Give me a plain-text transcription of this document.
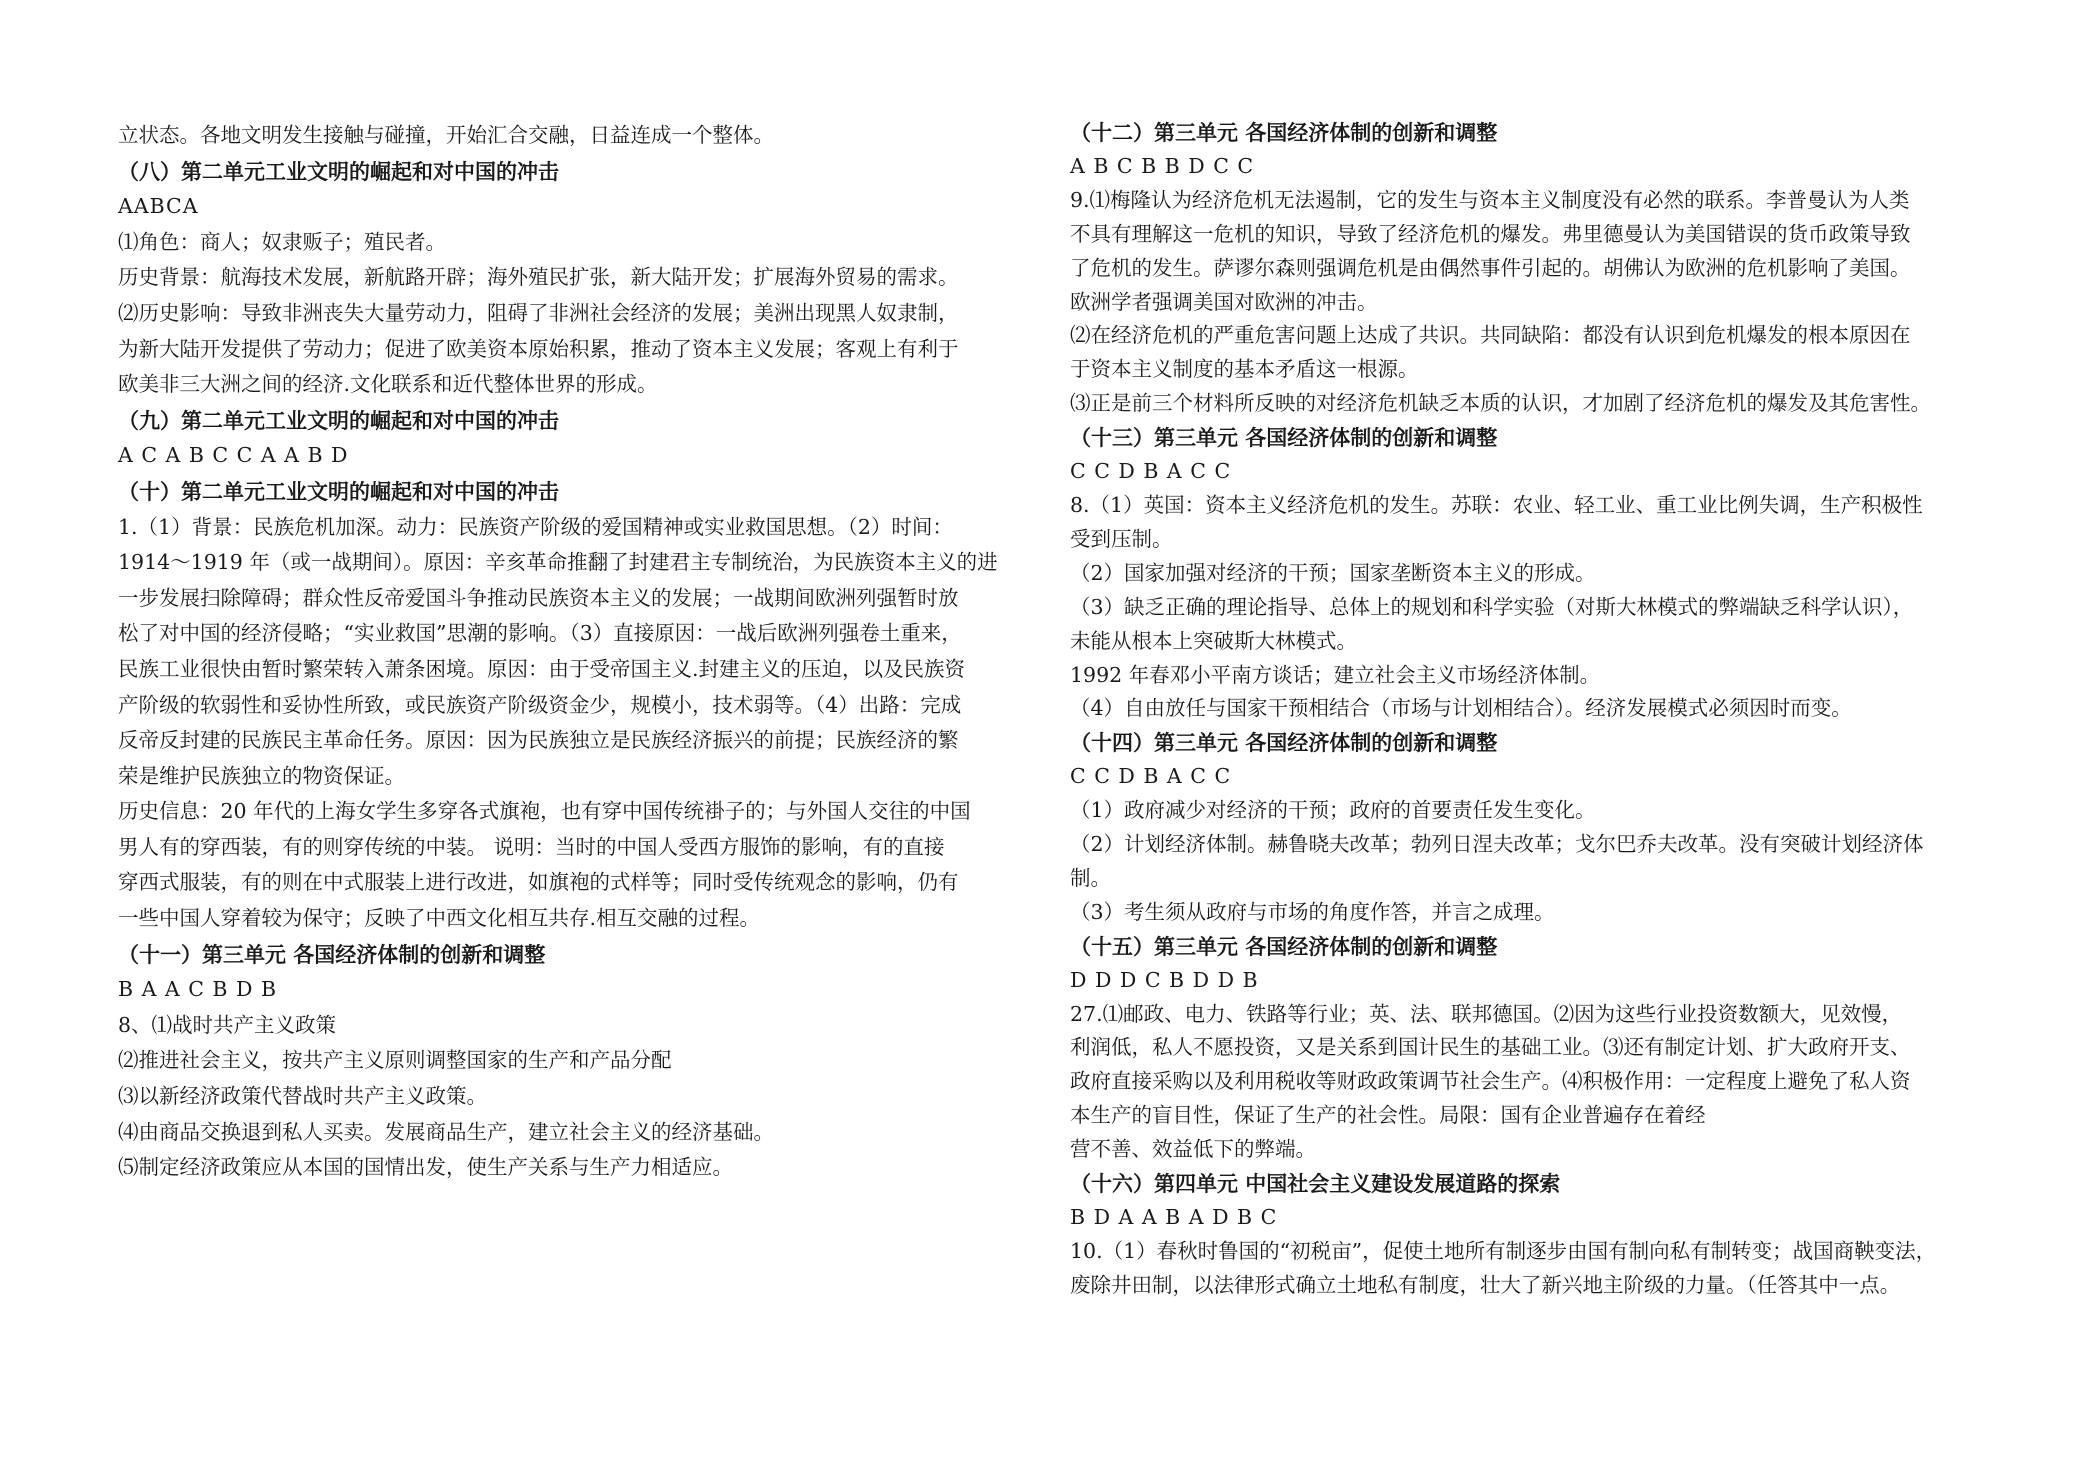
立状态。各地文明发生接触与碰撞，开始汇合交融，日益连成一个整体。
（八）第二单元工业文明的崛起和对中国的冲击
AABCA
⑴角色：商人；奴隶贩子；殖民者。
历史背景：航海技术发展，新航路开辟；海外殖民扩张，新大陆开发；扩展海外贸易的需求。
⑵历史影响：导致非洲丧失大量劳动力，阻碍了非洲社会经济的发展；美洲出现黑人奴隶制，
为新大陆开发提供了劳动力；促进了欧美资本原始积累，推动了资本主义发展；客观上有利于
欧美非三大洲之间的经济.文化联系和近代整体世界的形成。
（九）第二单元工业文明的崛起和对中国的冲击
A C A B C C A A B D
（十）第二单元工业文明的崛起和对中国的冲击
1.（1）背景：民族危机加深。动力：民族资产阶级的爱国精神或实业救国思想。（2）时间：
1914～1919 年（或一战期间）。原因：辛亥革命推翻了封建君主专制统治，为民族资本主义的进
一步发展扫除障碍；群众性反帝爱国斗争推动民族资本主义的发展；一战期间欧洲列强暂时放
松了对中国的经济侵略；“实业救国”思潮的影响。（3）直接原因：一战后欧洲列强卷土重来，
民族工业很快由暂时繁荣转入萧条困境。原因：由于受帝国主义.封建主义的压迫，以及民族资
产阶级的软弱性和妥协性所致，或民族资产阶级资金少，规模小，技术弱等。（4）出路：完成
反帝反封建的民族民主革命任务。原因：因为民族独立是民族经济振兴的前提；民族经济的繁
荣是维护民族独立的物资保证。
历史信息：20 年代的上海女学生多穿各式旗袍，也有穿中国传统褂子的；与外国人交往的中国
男人有的穿西装，有的则穿传统的中装。 说明：当时的中国人受西方服饰的影响，有的直接
穿西式服装，有的则在中式服装上进行改进，如旗袍的式样等；同时受传统观念的影响，仍有
一些中国人穿着较为保守；反映了中西文化相互共存.相互交融的过程。
（十一）第三单元 各国经济体制的创新和调整
B A A C B D B
8、⑴战时共产主义政策
⑵推进社会主义，按共产主义原则调整国家的生产和产品分配
⑶以新经济政策代替战时共产主义政策。
⑷由商品交换退到私人买卖。发展商品生产，建立社会主义的经济基础。
⑸制定经济政策应从本国的国情出发，使生产关系与生产力相适应。
（十二）第三单元 各国经济体制的创新和调整
A B C B B D C C
9.⑴梅隆认为经济危机无法遏制，它的发生与资本主义制度没有必然的联系。李普曼认为人类
不具有理解这一危机的知识，导致了经济危机的爆发。弗里德曼认为美国错误的货币政策导致
了危机的发生。萨谬尔森则强调危机是由偶然事件引起的。胡佛认为欧洲的危机影响了美国。
欧洲学者强调美国对欧洲的冲击。
⑵在经济危机的严重危害问题上达成了共识。共同缺陷：都没有认识到危机爆发的根本原因在
于资本主义制度的基本矛盾这一根源。
⑶正是前三个材料所反映的对经济危机缺乏本质的认识，才加剧了经济危机的爆发及其危害性。
（十三）第三单元 各国经济体制的创新和调整
C C D B A C C
8.（1）英国：资本主义经济危机的发生。苏联：农业、轻工业、重工业比例失调，生产积极性
受到压制。
（2）国家加强对经济的干预；国家垄断资本主义的形成。
（3）缺乏正确的理论指导、总体上的规划和科学实验（对斯大林模式的弊端缺乏科学认识），
未能从根本上突破斯大林模式。
1992 年春邓小平南方谈话；建立社会主义市场经济体制。
（4）自由放任与国家干预相结合（市场与计划相结合）。经济发展模式必须因时而变。
（十四）第三单元 各国经济体制的创新和调整
C C D B A C C
（1）政府减少对经济的干预；政府的首要责任发生变化。
（2）计划经济体制。赫鲁晓夫改革；勃列日涅夫改革；戈尔巴乔夫改革。没有突破计划经济体
制。
（3）考生须从政府与市场的角度作答，并言之成理。
（十五）第三单元 各国经济体制的创新和调整
D D D C B D D B
27.⑴邮政、电力、铁路等行业；英、法、联邦德国。⑵因为这些行业投资数额大，见效慢，
利润低，私人不愿投资，又是关系到国计民生的基础工业。⑶还有制定计划、扩大政府开支、
政府直接采购以及利用税收等财政政策调节社会生产。⑷积极作用：一定程度上避免了私人资
本生产的盲目性，保证了生产的社会性。局限：国有企业普遍存在着经
营不善、效益低下的弊端。
（十六）第四单元 中国社会主义建设发展道路的探索
B D A A B A D B C
10.（1）春秋时鲁国的“初税亩”，促使土地所有制逐步由国有制向私有制转变；战国商鞅变法，
废除井田制，以法律形式确立土地私有制度，壮大了新兴地主阶级的力量。（任答其中一点。
